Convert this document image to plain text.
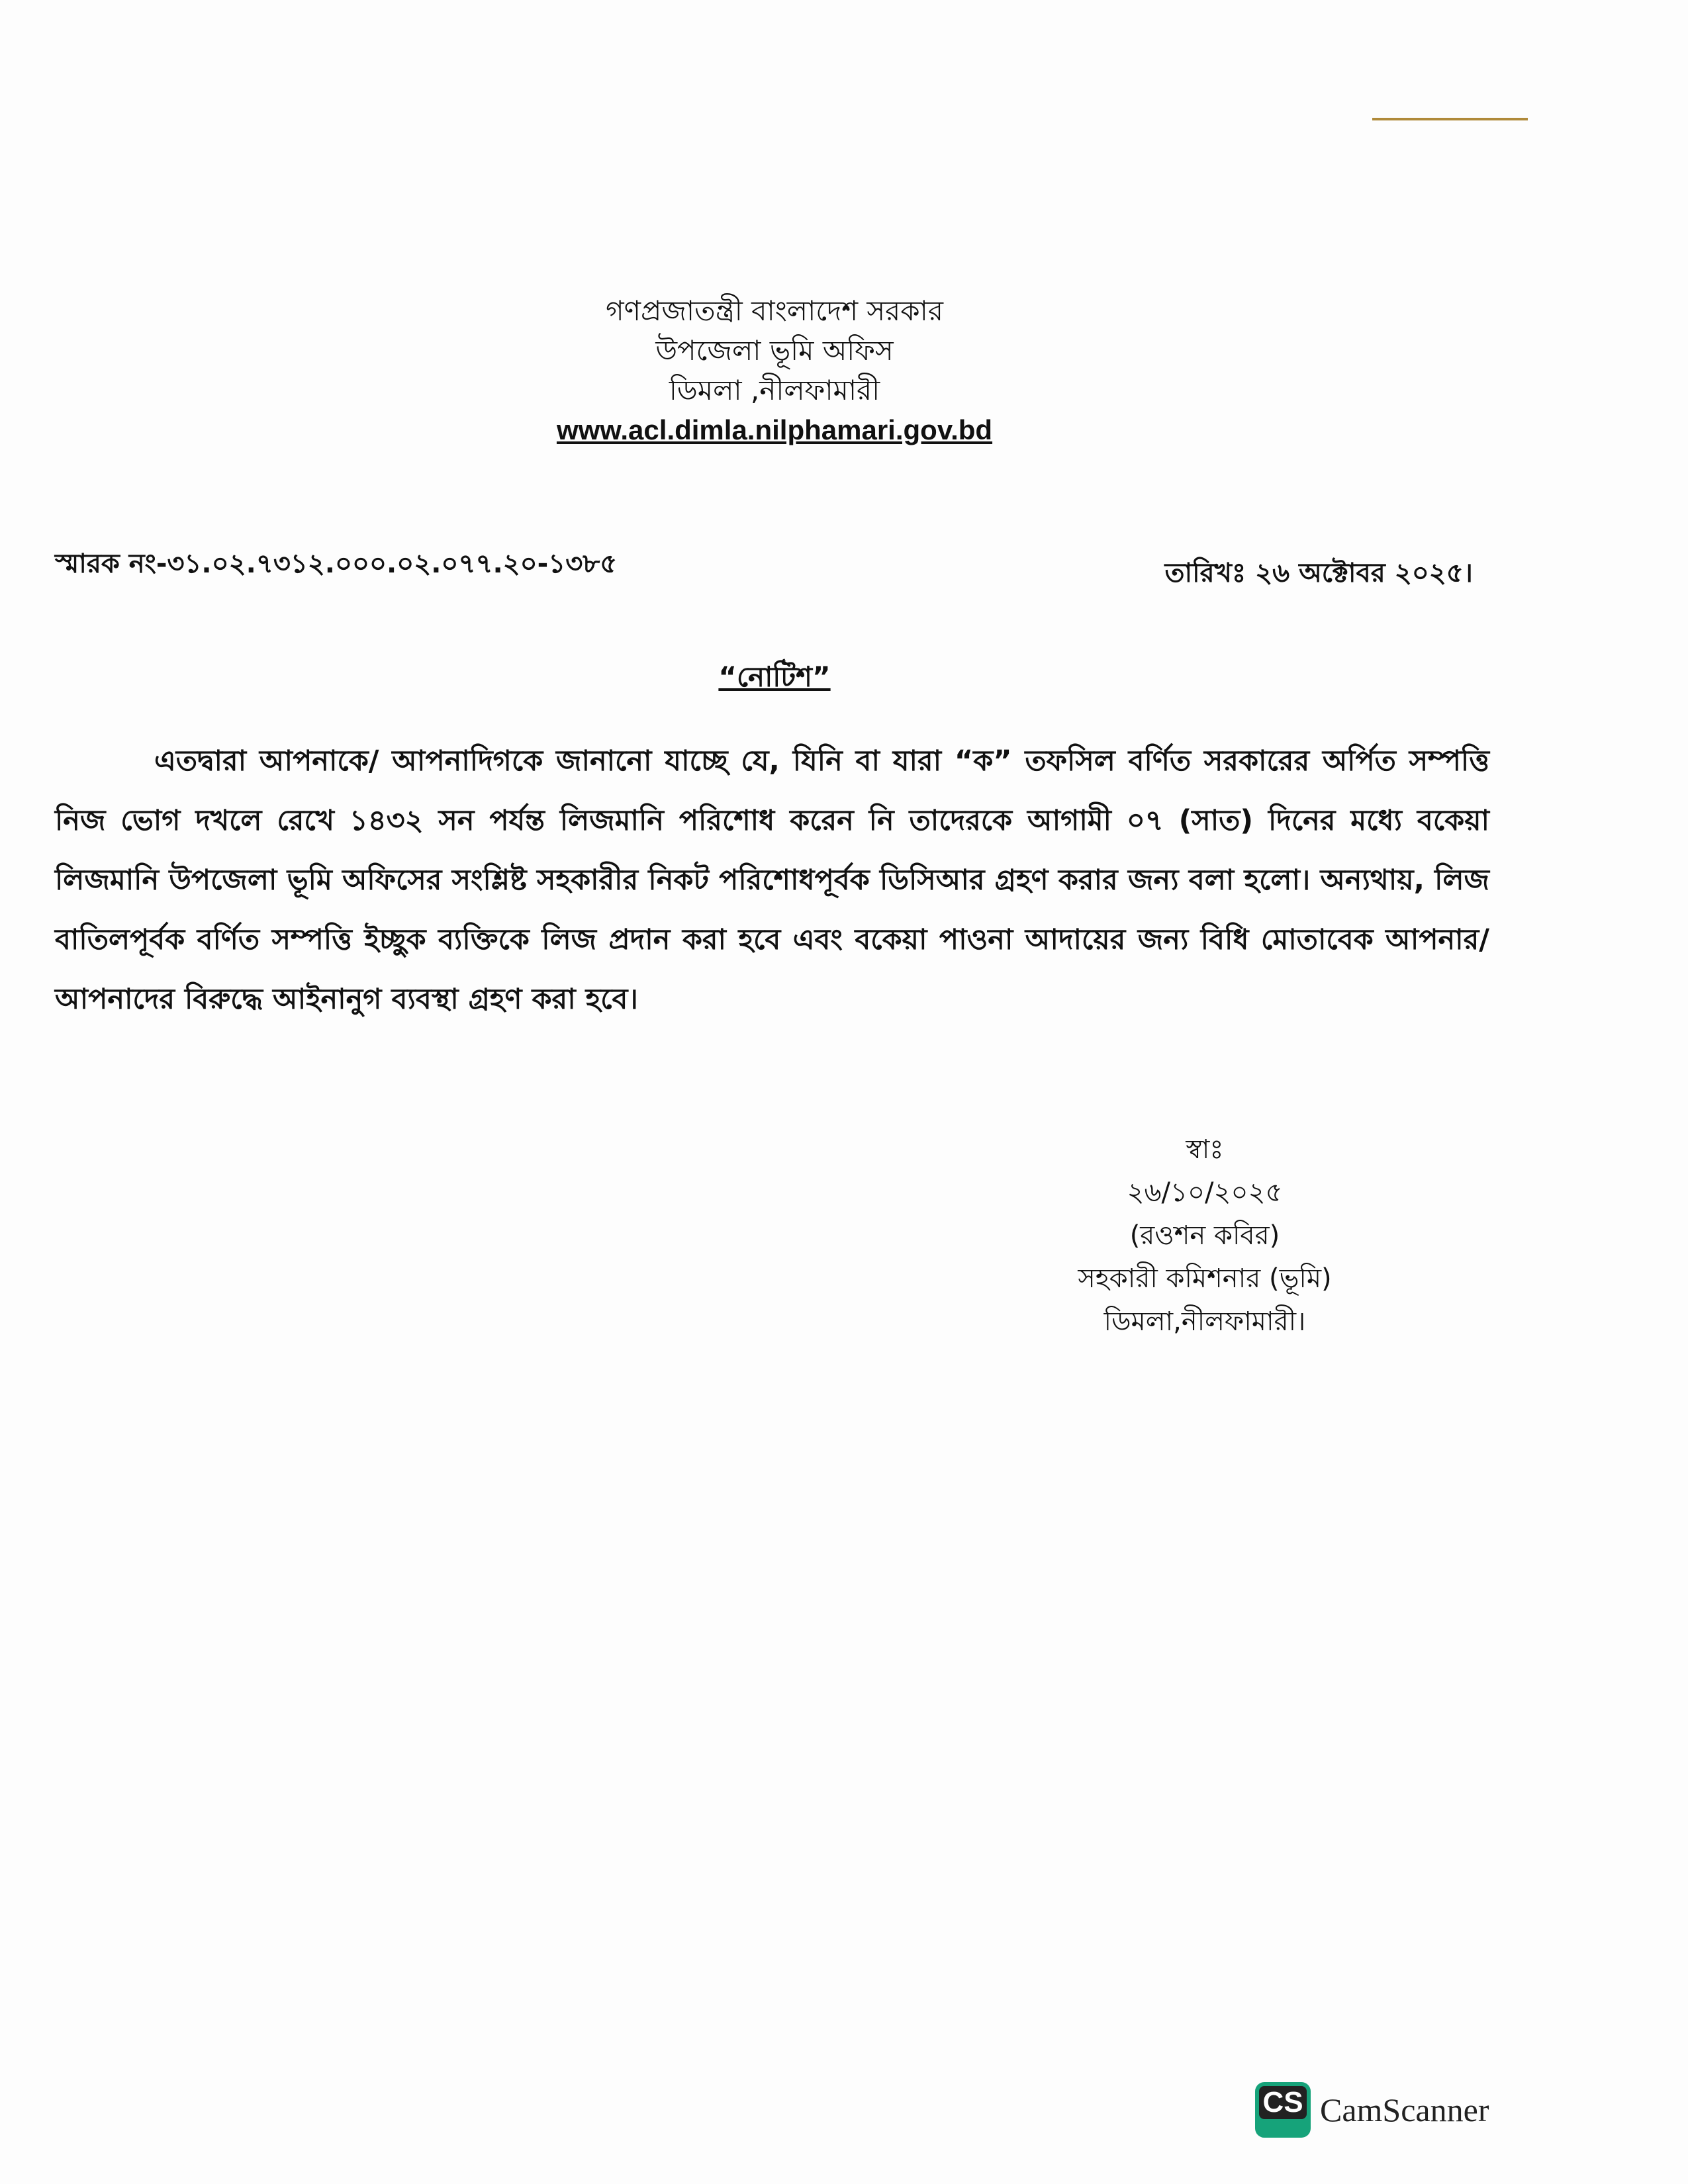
গণপ্রজাতন্ত্রী বাংলাদেশ সরকার
উপজেলা ভূমি অফিস
ডিমলা ,নীলফামারী
www.acl.dimla.nilphamari.gov.bd
স্মারক নং-৩১.০২.৭৩১২.০০০.০২.০৭৭.২০-১৩৮৫	তারিখঃ ২৬ অক্টোবর ২০২৫।
“নোটিশ”
এতদ্বারা আপনাকে/ আপনাদিগকে জানানো যাচ্ছে যে, যিনি বা যারা “ক” তফসিল বর্ণিত সরকারের অর্পিত সম্পত্তি নিজ ভোগ দখলে রেখে ১৪৩২ সন পর্যন্ত লিজমানি পরিশোধ করেন নি তাদেরকে আগামী ০৭ (সাত) দিনের মধ্যে বকেয়া লিজমানি উপজেলা ভূমি অফিসের সংশ্লিষ্ট সহকারীর নিকট পরিশোধপূর্বক ডিসিআর গ্রহণ করার জন্য বলা হলো। অন্যথায়, লিজ বাতিলপূর্বক বর্ণিত সম্পত্তি ইচ্ছুক ব্যক্তিকে লিজ প্রদান করা হবে এবং বকেয়া পাওনা আদায়ের জন্য বিধি মোতাবেক আপনার/আপনাদের বিরুদ্ধে আইনানুগ ব্যবস্থা গ্রহণ করা হবে।
স্বাঃ
২৬/১০/২০২৫
(রওশন কবির)
সহকারী কমিশনার (ভূমি)
ডিমলা,নীলফামারী।
CS CamScanner
